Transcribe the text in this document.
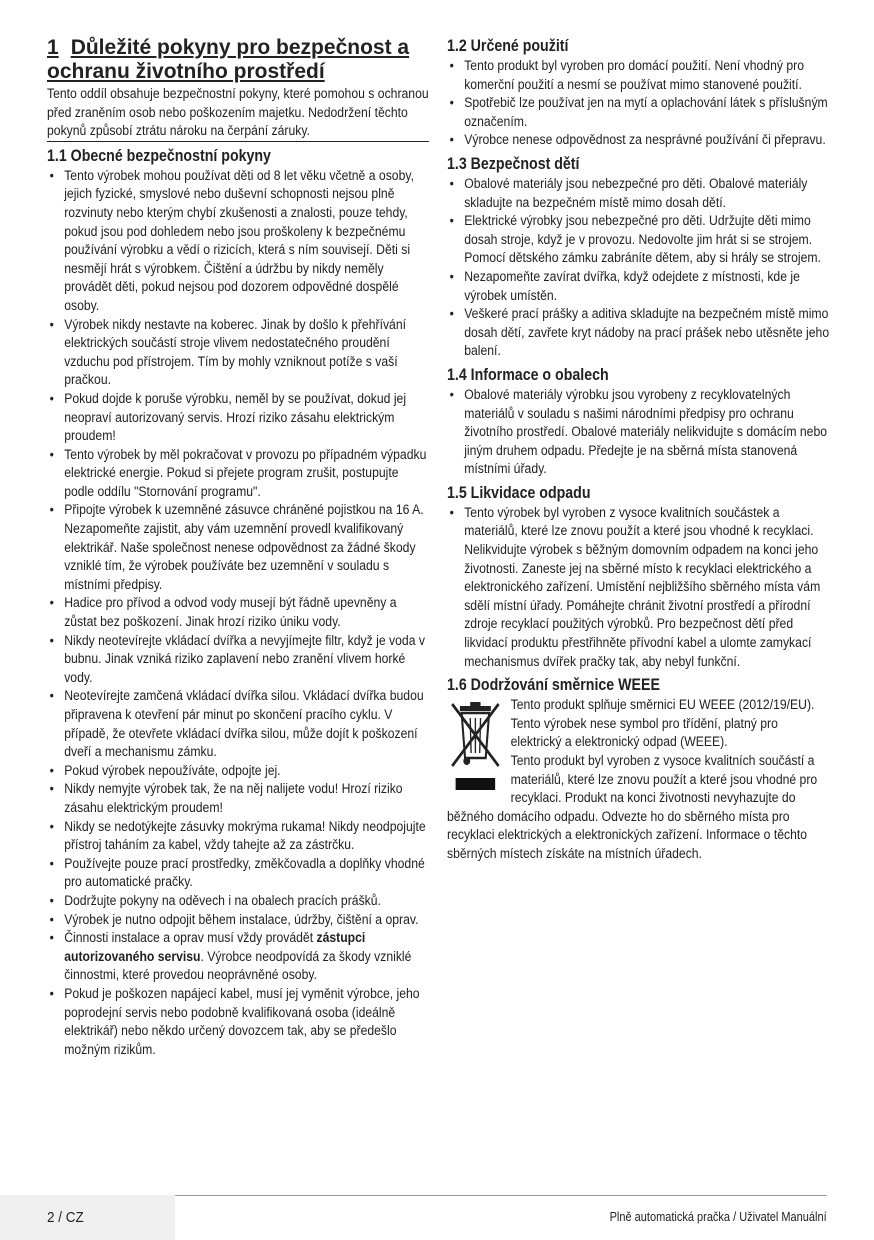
1 Důležité pokyny pro bezpečnost a ochranu životního prostředí

Tento oddíl obsahuje bezpečnostní pokyny, které pomohou s ochranou před zraněním osob nebo poškozením majetku. Nedodržení těchto pokynů způsobí ztrátu nároku na čerpání záruky.

1.1 Obecné bezpečnostní pokyny
• Tento výrobek mohou používat děti od 8 let věku včetně a osoby, jejich fyzické, smyslové nebo duševní schopnosti nejsou plně rozvinuty nebo kterým chybí zkušenosti a znalosti, pouze tehdy, pokud jsou pod dohledem nebo jsou proškoleny k bezpečnému používání výrobku a vědí o rizicích, která s ním souvisejí. Děti si nesmějí hrát s výrobkem. Čištění a údržbu by nikdy neměly provádět děti, pokud nejsou pod dozorem odpovědné dospělé osoby.
• Výrobek nikdy nestavte na koberec. Jinak by došlo k přehřívání elektrických součástí stroje vlivem nedostatečného proudění vzduchu pod přístrojem. Tím by mohly vzniknout potíže s vaší pračkou.
• Pokud dojde k poruše výrobku, neměl by se používat, dokud jej neopraví autorizovaný servis. Hrozí riziko zásahu elektrickým proudem!
• Tento výrobek by měl pokračovat v provozu po případném výpadku elektrické energie. Pokud si přejete program zrušit, postupujte podle oddílu "Stornování programu".
• Připojte výrobek k uzemněné zásuvce chráněné pojistkou na 16 A. Nezapomeňte zajistit, aby vám uzemnění provedl kvalifikovaný elektrikář. Naše společnost nenese odpovědnost za žádné škody vzniklé tím, že výrobek používáte bez uzemnění v souladu s místními předpisy.
• Hadice pro přívod a odvod vody musejí být řádně upevněny a zůstat bez poškození. Jinak hrozí riziko úniku vody.
• Nikdy neotevírejte vkládací dvířka a nevyjímejte filtr, když je voda v bubnu. Jinak vzniká riziko zaplavení nebo zranění vlivem horké vody.
• Neotevírejte zamčená vkládací dvířka silou. Vkládací dvířka budou připravena k otevření pár minut po skončení pracího cyklu. V případě, že otevřete vkládací dvířka silou, může dojít k poškození dveří a mechanismu zámku.
• Pokud výrobek nepoužíváte, odpojte jej.
• Nikdy nemyjte výrobek tak, že na něj nalijete vodu! Hrozí riziko zásahu elektrickým proudem!
• Nikdy se nedotýkejte zásuvky mokrýma rukama! Nikdy neodpojujte přístroj taháním za kabel, vždy tahejte až za zástrčku.
• Používejte pouze prací prostředky, změkčovadla a doplňky vhodné pro automatické pračky.
• Dodržujte pokyny na oděvech i na obalech pracích prášků.
• Výrobek je nutno odpojit během instalace, údržby, čištění a oprav.
• Činnosti instalace a oprav musí vždy provádět zástupci autorizovaného servisu. Výrobce neodpovídá za škody vzniklé činnostmi, které provedou neoprávněné osoby.
• Pokud je poškozen napájecí kabel, musí jej vyměnit výrobce, jeho poprodejní servis nebo podobně kvalifikovaná osoba (ideálně elektrikář) nebo někdo určený dovozcem tak, aby se předešlo možným rizikům.
1.2 Určené použití
• Tento produkt byl vyroben pro domácí použití. Není vhodný pro komerční použití a nesmí se používat mimo stanovené použití.
• Spotřebič lze používat jen na mytí a oplachování látek s příslušným označením.
• Výrobce nenese odpovědnost za nesprávné používání či přepravu.
1.3 Bezpečnost dětí
• Obalové materiály jsou nebezpečné pro děti. Obalové materiály skladujte na bezpečném místě mimo dosah dětí.
• Elektrické výrobky jsou nebezpečné pro děti. Udržujte děti mimo dosah stroje, když je v provozu. Nedovolte jim hrát si se strojem. Pomocí dětského zámku zabráníte dětem, aby si hrály se strojem.
• Nezapomeňte zavírat dvířka, když odejdete z místnosti, kde je výrobek umístěn.
• Veškeré prací prášky a aditiva skladujte na bezpečném místě mimo dosah dětí, zavřete kryt nádoby na prací prášek nebo utěsněte jeho balení.
1.4 Informace o obalech
• Obalové materiály výrobku jsou vyrobeny z recyklovatelných materiálů v souladu s našimi národními předpisy pro ochranu životního prostředí. Obalové materiály nelikvidujte s domácím nebo jiným druhem odpadu. Předejte je na sběrná místa stanovená místními úřady.
1.5 Likvidace odpadu
• Tento výrobek byl vyroben z vysoce kvalitních součástek a materiálů, které lze znovu použít a které jsou vhodné k recyklaci. Nelikvidujte výrobek s běžným domovním odpadem na konci jeho životnosti. Zaneste jej na sběrné místo k recyklaci elektrického a elektronického zařízení. Umístění nejbližšího sběrného místa vám sdělí místní úřady. Pomáhejte chránit životní prostředí a přírodní zdroje recyklací použitých výrobků. Pro bezpečnost dětí před likvidací produktu přestřihněte přívodní kabel a ulomte zamykací mechanismus dvířek pračky tak, aby nebyl funkční.
1.6 Dodržování směrnice WEEE

Tento produkt splňuje směrnici EU WEEE (2012/19/EU). Tento výrobek nese symbol pro třídění, platný pro elektrický a elektronický odpad (WEEE).

Tento produkt byl vyroben z vysoce kvalitních součástí a materiálů, které lze znovu použít a které jsou vhodné pro recyklaci. Produkt na konci životnosti nevyhazujte do běžného domácího odpadu. Odvezte ho do sběrného místa pro recyklaci elektrických a elektronických zařízení. Informace o těchto sběrných místech získáte na místních úřadech.

2 / CZ	Plně automatická pračka / Uživatel Manuální
